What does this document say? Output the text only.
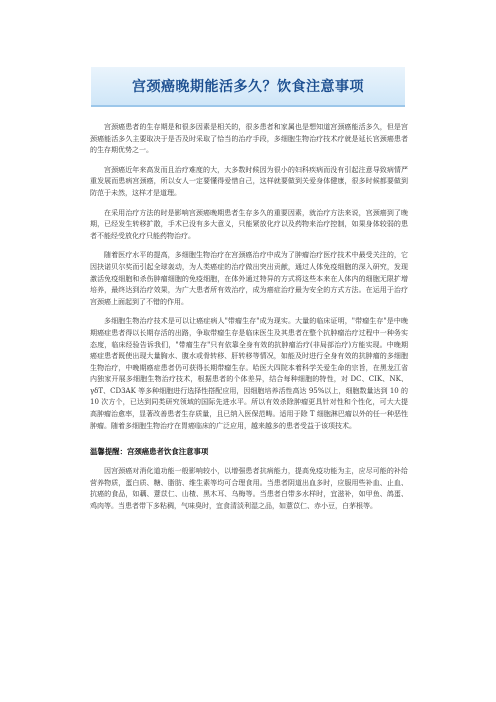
宫颈癌晚期能活多久？饮食注意事项

宫颈癌患者的生存期是和很多因素是相关的，很多患者和家属也是想知道宫颈癌能活多久，但是宫颈癌能活多久主要取决于是否及时采取了恰当的治疗手段，多细胞生物治疗技术疗就是延长宫颈癌患者的生存期优势之一。

宫颈癌近年来高发而且治疗难度的大，大多数时候因为很小的妇科疾病而没有引起注意导致病情严重发展而患病宫颈癌，所以女人一定要懂得爱惜自己，这样就要做到关爱身体健康，很多时候都要做到防范于未然，这样才是道理。

在采用治疗方法的时是影响宫颈癌晚期患者生存多久的重要因素，就治疗方法来说，宫颈癌到了晚期，已经发生转移扩散，手术已没有多大意义，只能紧放化疗以及药物来治疗控制，如果身体较弱的患者不能经受放化疗只能药物治疗。

随着医疗水平的提高，多细胞生物治疗在宫颈癌治疗中成为了肿瘤治疗医疗技术中最受关注的，它因抉诺贝尔奖而引起全球轰动，为人类癌症的治疗做出突出贡献，通过人体免疫细胞的深入研究，发现激活免疫细胞和杀伤肿瘤细胞的免疫细胞，在体外通过特异的方式将这些本来在人体内的细胞无限扩增培养，最终达到治疗效果，为广大患者所有效治疗，成为癌症治疗最为安全的方式方法。在运用于治疗宫颈癌上面起到了不错的作用。

多细胞生物治疗技术是可以让癌症病人"带瘤生存"成为现实。大量的临床证明，"带瘤生存"是中晚期癌症患者得以长期存活的出路，争取带瘤生存是临床医生及其患者在整个抗肿瘤治疗过程中一种务实态度，临床经验告诉我们，"带瘤生存"只有依靠全身有效的抗肿瘤治疗(非局部治疗)方能实现。中晚期癌症患者既使出现大量胸水、腹水或骨转移、肝转移等情况，如能及时进行全身有效的抗肿瘤的多细胞生物治疗，中晚期癌症患者仍可获得长期带瘤生存。哈医大四院本着科学关爱生命的宗旨，在黑龙江省内独家开展多细胞生物治疗技术，根据患者的个体差异，结合每种细胞的特性，对 DC、CIK、NK、γδT、CD3AK 等多种细胞进行选择性搭配应用，因细胞培养活性高达 95%以上，细胞数量达到 10 的 10 次方个，已达到同类研究领域的国际先进水平。所以有效杀除肿瘤更具针对性和个性化，可大大提高肿瘤治愈率，显著改善患者生存质量，且已纳入医保范畴。适用于除 T 细胞淋巴瘤以外的任一种恶性肿瘤。随着多细胞生物治疗在胃癌临床的广泛应用，越来越多的患者受益于该项技术。

温馨提醒：宫颈癌患者饮食注意事项

因宫颈癌对消化道功能一般影响较小，以增强患者抗病能力，提高免疫功能为主，应尽可能的补给营养物质，蛋白质、糖、脂肪、维生素等均可合理食用。当患者阴道出血多时，应服用些补血、止血、抗癌的食品，如藕、薏苡仁、山楂、黑木耳、乌梅等。当患者白带多水样时，宜滋补，如甲鱼、鸽蛋、鸡肉等。当患者带下多粘稠，气味臭时，宜食清淡利湿之品，如薏苡仁、赤小豆，白茅根等。
